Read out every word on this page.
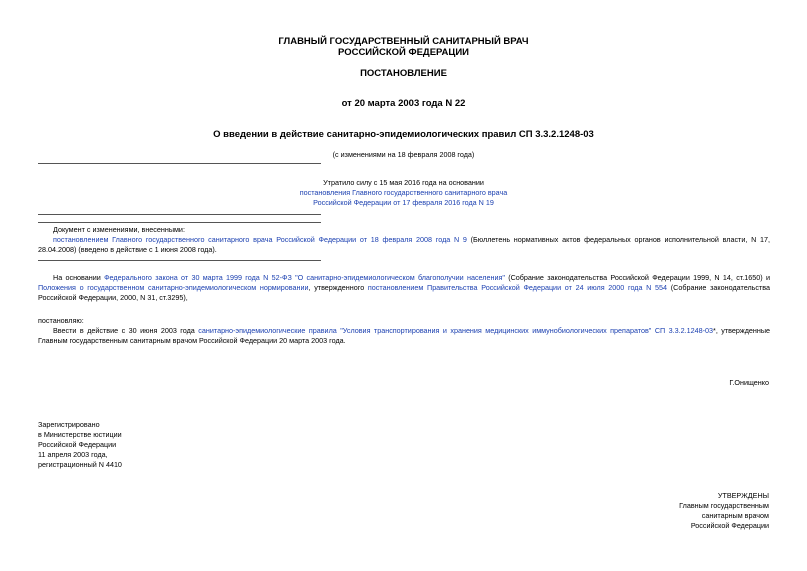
ГЛАВНЫЙ ГОСУДАРСТВЕННЫЙ САНИТАРНЫЙ ВРАЧ
РОССИЙСКОЙ ФЕДЕРАЦИИ
ПОСТАНОВЛЕНИЕ
от 20 марта 2003 года N 22
О введении в действие санитарно-эпидемиологических правил СП 3.3.2.1248-03
(с изменениями на 18 февраля 2008 года)
Утратило силу с 15 мая 2016 года на основании
постановления Главного государственного санитарного врача
Российской Федерации от 17 февраля 2016 года N 19
Документ с изменениями, внесенными:
постановлением Главного государственного санитарного врача Российской Федерации от 18 февраля 2008 года N 9 (Бюллетень нормативных актов федеральных органов исполнительной власти, N 17, 28.04.2008) (введено в действие с 1 июня 2008 года).
На основании Федерального закона от 30 марта 1999 года N 52-ФЗ "О санитарно-эпидемиологическом благополучии населения" (Собрание законодательства Российской Федерации 1999, N 14, ст.1650) и Положения о государственном санитарно-эпидемиологическом нормировании, утвержденного постановлением Правительства Российской Федерации от 24 июля 2000 года N 554 (Собрание законодательства Российской Федерации, 2000, N 31, ст.3295),
постановляю:
Ввести в действие с 30 июня 2003 года санитарно-эпидемиологические правила "Условия транспортирования и хранения медицинских иммунобиологических препаратов" СП 3.3.2.1248-03*, утвержденные Главным государственным санитарным врачом Российской Федерации 20 марта 2003 года.
Г.Онищенко
Зарегистрировано
в Министерстве юстиции
Российской Федерации
11 апреля 2003 года,
регистрационный N 4410
УТВЕРЖДЕНЫ
Главным государственным
санитарным врачом
Российской Федерации
